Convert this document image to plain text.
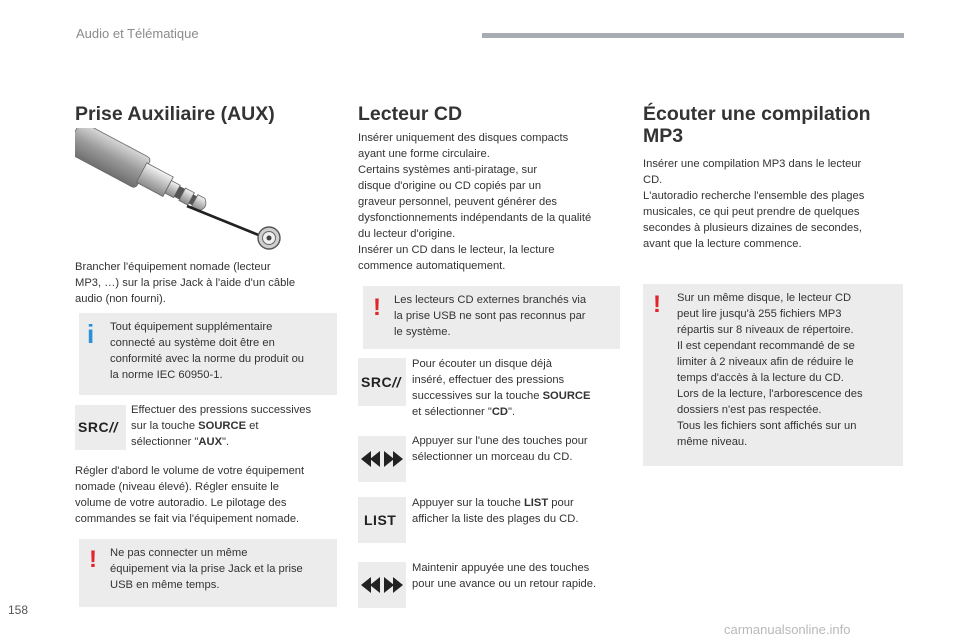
Audio et Télématique
Prise Auxiliaire (AUX)
Brancher l'équipement nomade (lecteur
MP3, …) sur la prise Jack à l'aide d'un câble
audio (non fourni).
i Tout équipement supplémentaire
connecté au système doit être en
conformité avec la norme du produit ou
la norme IEC 60950-1.
SRC//
Effectuer des pressions successives
sur la touche SOURCE et
sélectionner "AUX".
Régler d'abord le volume de votre équipement
nomade (niveau élevé). Régler ensuite le
volume de votre autoradio. Le pilotage des
commandes se fait via l'équipement nomade.
! Ne pas connecter un même
équipement via la prise Jack et la prise
USB en même temps.
Lecteur CD
Insérer uniquement des disques compacts
ayant une forme circulaire.
Certains systèmes anti-piratage, sur
disque d'origine ou CD copiés par un
graveur personnel, peuvent générer des
dysfonctionnements indépendants de la qualité
du lecteur d'origine.
Insérer un CD dans le lecteur, la lecture
commence automatiquement.
! Les lecteurs CD externes branchés via
la prise USB ne sont pas reconnus par
le système.
SRC//
Pour écouter un disque déjà
inséré, effectuer des pressions
successives sur la touche SOURCE
et sélectionner "CD".
Appuyer sur l'une des touches pour
sélectionner un morceau du CD.
LIST
Appuyer sur la touche LIST pour
afficher la liste des plages du CD.
Maintenir appuyée une des touches
pour une avance ou un retour rapide.
Écouter une compilation
MP3
Insérer une compilation MP3 dans le lecteur
CD.
L'autoradio recherche l'ensemble des plages
musicales, ce qui peut prendre de quelques
secondes à plusieurs dizaines de secondes,
avant que la lecture commence.
! Sur un même disque, le lecteur CD
peut lire jusqu'à 255 fichiers MP3
répartis sur 8 niveaux de répertoire.
Il est cependant recommandé de se
limiter à 2 niveaux afin de réduire le
temps d'accès à la lecture du CD.
Lors de la lecture, l'arborescence des
dossiers n'est pas respectée.
Tous les fichiers sont affichés sur un
même niveau.
158
carmanualsonline.info
